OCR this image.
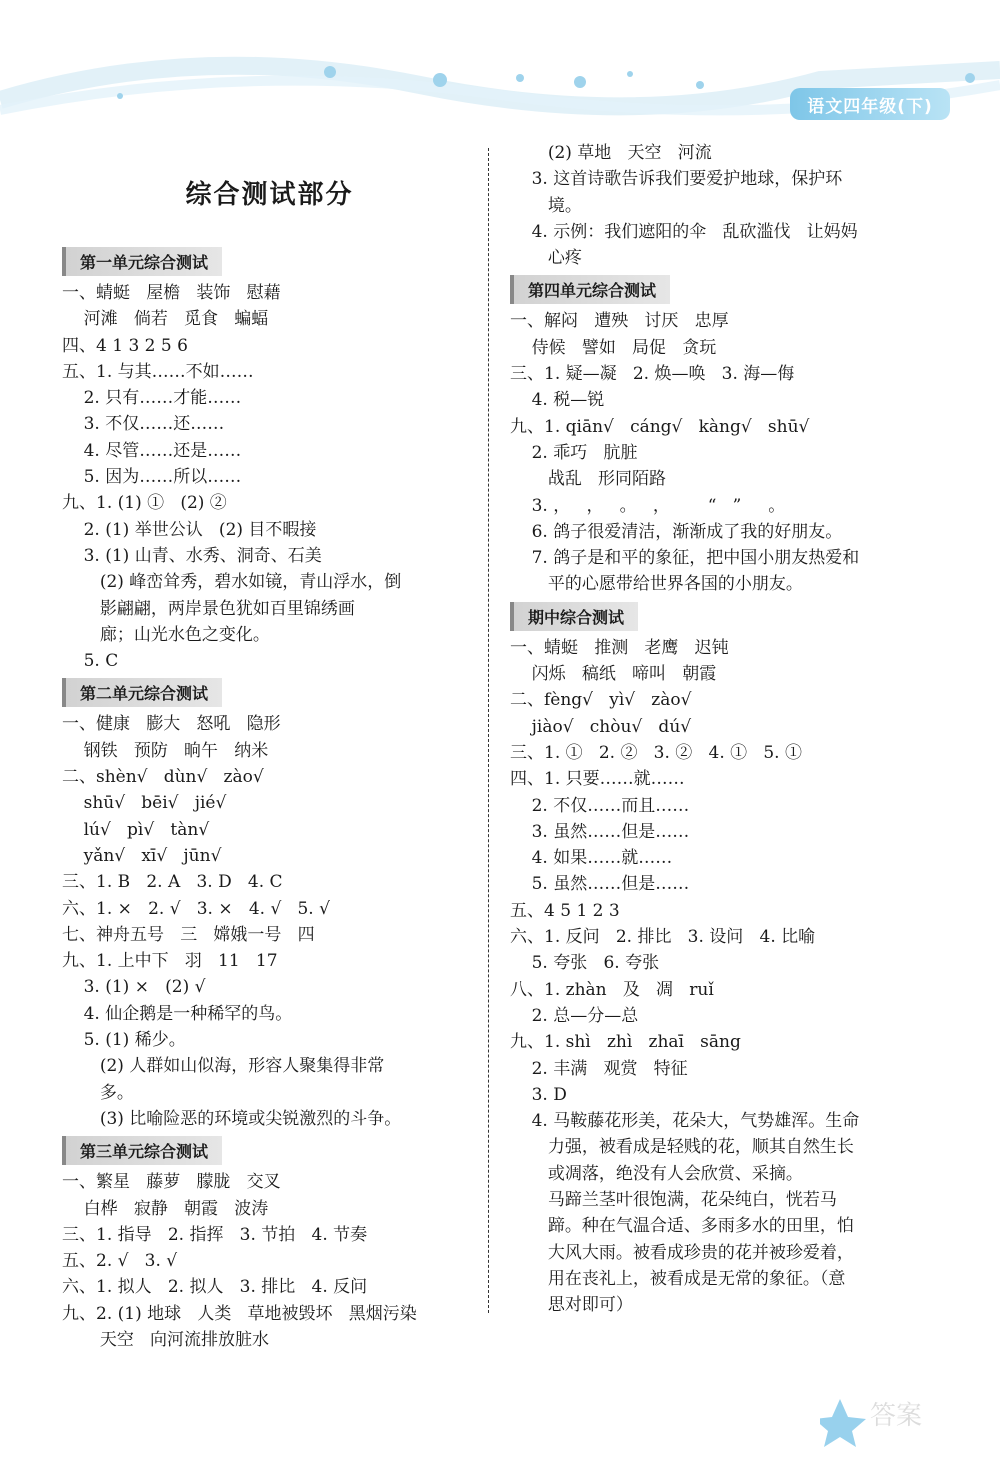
语文四年级(下)
综合测试部分
第一单元综合测试
一、蜻蜓   屋檐   装饰   慰藉
河滩   倘若   觅食   蝙蝠
四、4 1 3 2 5 6
五、1. 与其……不如……
2. 只有……才能……
3. 不仅……还……
4. 尽管……还是……
5. 因为……所以……
九、1. (1) ①   (2) ②
2. (1) 举世公认   (2) 目不暇接
3. (1) 山青、水秀、洞奇、石美
(2) 峰峦耸秀，碧水如镜，青山浮水，倒
影翩翩，两岸景色犹如百里锦绣画
廊；山光水色之变化。
5. C
第二单元综合测试
一、健康   膨大   怒吼   隐形
钢铁   预防   晌午   纳米
二、shèn√   dùn√   zào√
shū√   bēi√   jié√
lú√   pì√   tàn√
yǎn√   xī√   jūn√
三、1. B   2. A   3. D   4. C
六、1. ×   2. √   3. ×   4. √   5. √
七、神舟五号   三   嫦娥一号   四
九、1. 上中下   羽   11   17
3. (1) ×   (2) √
4. 仙企鹅是一种稀罕的鸟。
5. (1) 稀少。
(2) 人群如山似海，形容人聚集得非常
多。
(3) 比喻险恶的环境或尖锐激烈的斗争。
第三单元综合测试
一、繁星   藤萝   朦胧   交叉
白桦   寂静   朝霞   波涛
三、1. 指导   2. 指挥   3. 节拍   4. 节奏
五、2. √   3. √
六、1. 拟人   2. 拟人   3. 排比   4. 反问
九、2. (1) 地球   人类   草地被毁坏   黑烟污染
天空   向河流排放脏水
(2) 草地   天空   河流
3. 这首诗歌告诉我们要爱护地球，保护环
境。
4. 示例：我们遮阳的伞   乱砍滥伐   让妈妈
心疼
第四单元综合测试
一、解闷   遭殃   讨厌   忠厚
侍候   譬如   局促   贪玩
三、1. 疑—凝   2. 焕—唤   3. 海—侮
4. 税—锐
九、1. qiān√   cáng√   kàng√   shū√
2. 乖巧   肮脏
战乱   形同陌路
3. ，   ，   。   ，       “   ”     。
6. 鸽子很爱清洁，渐渐成了我的好朋友。
7. 鸽子是和平的象征，把中国小朋友热爱和
平的心愿带给世界各国的小朋友。
期中综合测试
一、蜻蜓   推测   老鹰   迟钝
闪烁   稿纸   啼叫   朝霞
二、fèng√   yì√   zào√
jiào√   chòu√   dú√
三、1. ①   2. ②   3. ②   4. ①   5. ①
四、1. 只要……就……
2. 不仅……而且……
3. 虽然……但是……
4. 如果……就……
5. 虽然……但是……
五、4 5 1 2 3
六、1. 反问   2. 排比   3. 设问   4. 比喻
5. 夸张   6. 夸张
八、1. zhàn   及   凋   ruǐ
2. 总—分—总
九、1. shì   zhì   zhaī   sāng
2. 丰满   观赏   特征
3. D
4. 马鞍藤花形美，花朵大，气势雄浑。生命
力强，被看成是轻贱的花，顺其自然生长
或凋落，绝没有人会欣赏、采摘。
马蹄兰茎叶很饱满，花朵纯白，恍若马
蹄。种在气温合适、多雨多水的田里，怕
大风大雨。被看成珍贵的花并被珍爱着，
用在丧礼上，被看成是无常的象征。（意
思对即可）
答案
